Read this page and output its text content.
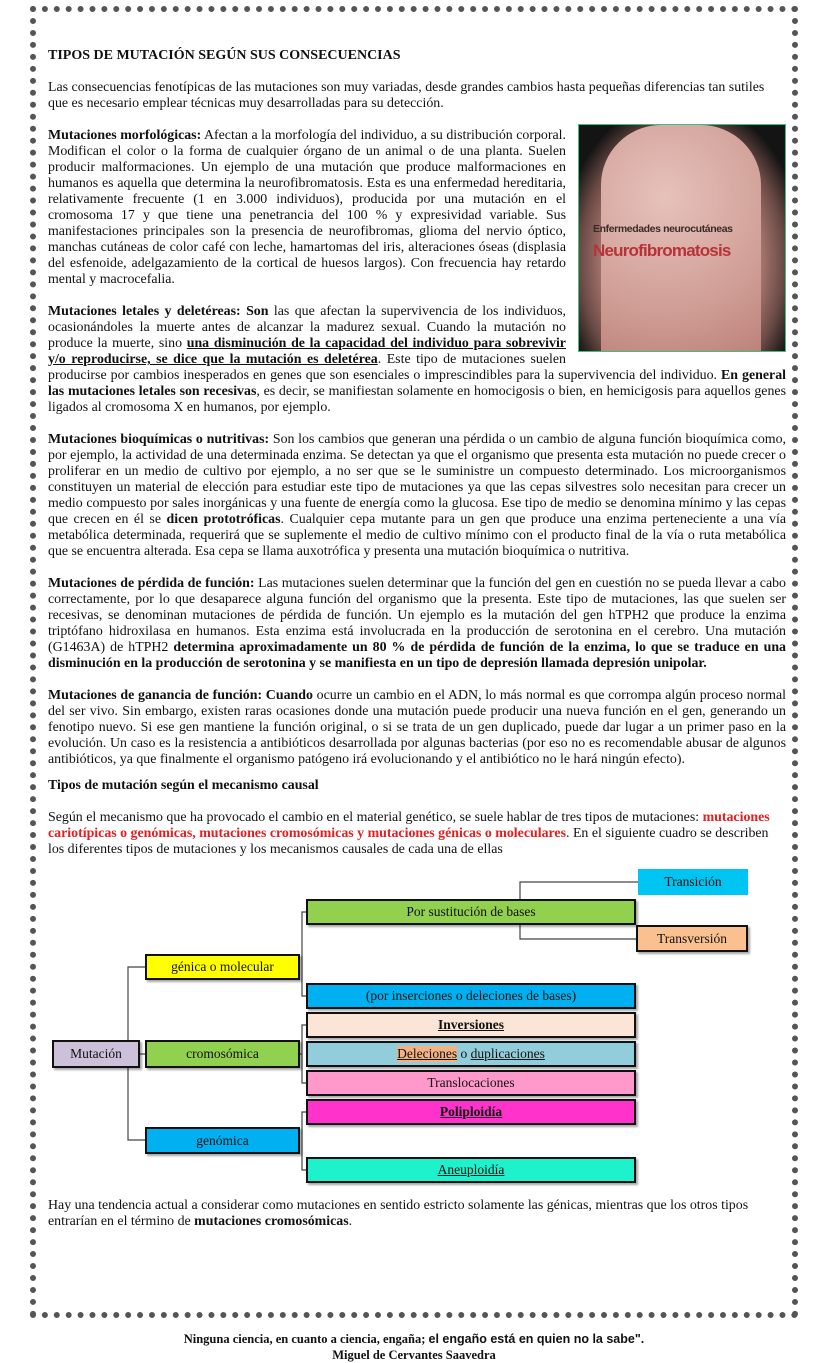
TIPOS DE MUTACIÓN SEGÚN SUS CONSECUENCIAS

Enfermedades neurocutáneas
Neurofibromatosis

Las consecuencias fenotípicas de las mutaciones son muy variadas, desde grandes cambios hasta pequeñas diferencias tan sutiles que es necesario emplear técnicas muy desarrolladas para su detección.

Mutaciones morfológicas: Afectan a la morfología del individuo, a su distribución corporal. Modifican el color o la forma de cualquier órgano de un animal o de una planta. Suelen producir malformaciones. Un ejemplo de una mutación que produce malformaciones en humanos es aquella que determina la neurofibromatosis. Esta es una enfermedad hereditaria, relativamente frecuente (1 en 3.000 individuos), producida por una mutación en el cromosoma 17 y que tiene una penetrancia del 100 % y expresividad variable. Sus manifestaciones principales son la presencia de neurofibromas, glioma del nervio óptico, manchas cutáneas de color café con leche, hamartomas del iris, alteraciones óseas (displasia del esfenoide, adelgazamiento de la cortical de huesos largos). Con frecuencia hay retardo mental y macrocefalia.

Mutaciones letales y deletéreas: Son las que afectan la supervivencia de los individuos, ocasionándoles la muerte antes de alcanzar la madurez sexual. Cuando la mutación no produce la muerte, sino una disminución de la capacidad del individuo para sobrevivir y/o reproducirse, se dice que la mutación es deletérea. Este tipo de mutaciones suelen producirse por cambios inesperados en genes que son esenciales o imprescindibles para la supervivencia del individuo. En general las mutaciones letales son recesivas, es decir, se manifiestan solamente en homocigosis o bien, en hemicigosis para aquellos genes ligados al cromosoma X en humanos, por ejemplo.

Mutaciones bioquímicas o nutritivas: Son los cambios que generan una pérdida o un cambio de alguna función bioquímica como, por ejemplo, la actividad de una determinada enzima. Se detectan ya que el organismo que presenta esta mutación no puede crecer o proliferar en un medio de cultivo por ejemplo, a no ser que se le suministre un compuesto determinado. Los microorganismos constituyen un material de elección para estudiar este tipo de mutaciones ya que las cepas silvestres solo necesitan para crecer un medio compuesto por sales inorgánicas y una fuente de energía como la glucosa. Ese tipo de medio se denomina mínimo y las cepas que crecen en él se dicen prototróficas. Cualquier cepa mutante para un gen que produce una enzima perteneciente a una vía metabólica determinada, requerirá que se suplemente el medio de cultivo mínimo con el producto final de la vía o ruta metabólica que se encuentra alterada. Esa cepa se llama auxotrófica y presenta una mutación bioquímica o nutritiva.

Mutaciones de pérdida de función: Las mutaciones suelen determinar que la función del gen en cuestión no se pueda llevar a cabo correctamente, por lo que desaparece alguna función del organismo que la presenta. Este tipo de mutaciones, las que suelen ser recesivas, se denominan mutaciones de pérdida de función. Un ejemplo es la mutación del gen hTPH2 que produce la enzima triptófano hidroxilasa en humanos. Esta enzima está involucrada en la producción de serotonina en el cerebro. Una mutación (G1463A) de hTPH2 determina aproximadamente un 80 % de pérdida de función de la enzima, lo que se traduce en una disminución en la producción de serotonina y se manifiesta en un tipo de depresión llamada depresión unipolar.

Mutaciones de ganancia de función: Cuando ocurre un cambio en el ADN, lo más normal es que corrompa algún proceso normal del ser vivo. Sin embargo, existen raras ocasiones donde una mutación puede producir una nueva función en el gen, generando un fenotipo nuevo. Si ese gen mantiene la función original, o si se trata de un gen duplicado, puede dar lugar a un primer paso en la evolución. Un caso es la resistencia a antibióticos desarrollada por algunas bacterias (por eso no es recomendable abusar de algunos antibióticos, ya que finalmente el organismo patógeno irá evolucionando y el antibiótico no le hará ningún efecto).

Tipos de mutación según el mecanismo causal

Según el mecanismo que ha provocado el cambio en el material genético, se suele hablar de tres tipos de mutaciones: mutaciones cariotípicas o genómicas, mutaciones cromosómicas y mutaciones génicas o moleculares. En el siguiente cuadro se describen los diferentes tipos de mutaciones y los mecanismos causales de cada una de ellas

Mutación
génica o molecular
cromosómica
genómica
Por sustitución de bases
Transición
Transversión
(por inserciones o deleciones de bases)
Inversiones
Deleciones o duplicaciones
Translocaciones
Poliploidía
Aneuploidía

Hay una tendencia actual a considerar como mutaciones en sentido estricto solamente las génicas, mientras que los otros tipos entrarían en el término de mutaciones cromosómicas.

Ninguna ciencia, en cuanto a ciencia, engaña; el engaño está en quien no la sabe".
Miguel de Cervantes Saavedra
